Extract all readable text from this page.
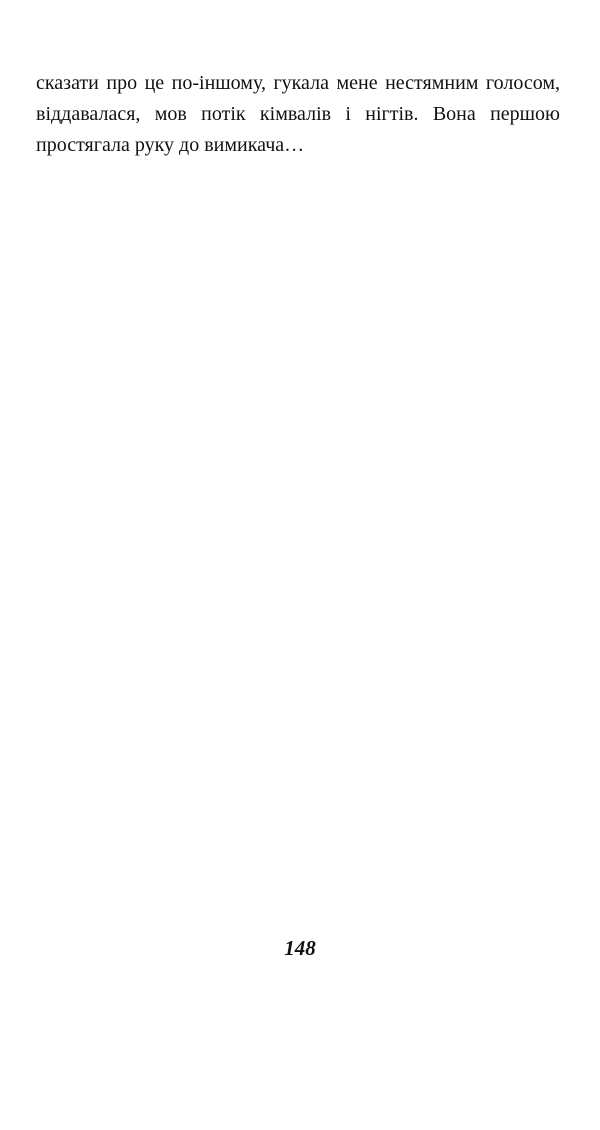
сказати про це по-іншому, гукала мене нестямним голосом, віддавалася, мов потік кімвалів і нігтів. Вона першою простягала руку до вимикача…

148
